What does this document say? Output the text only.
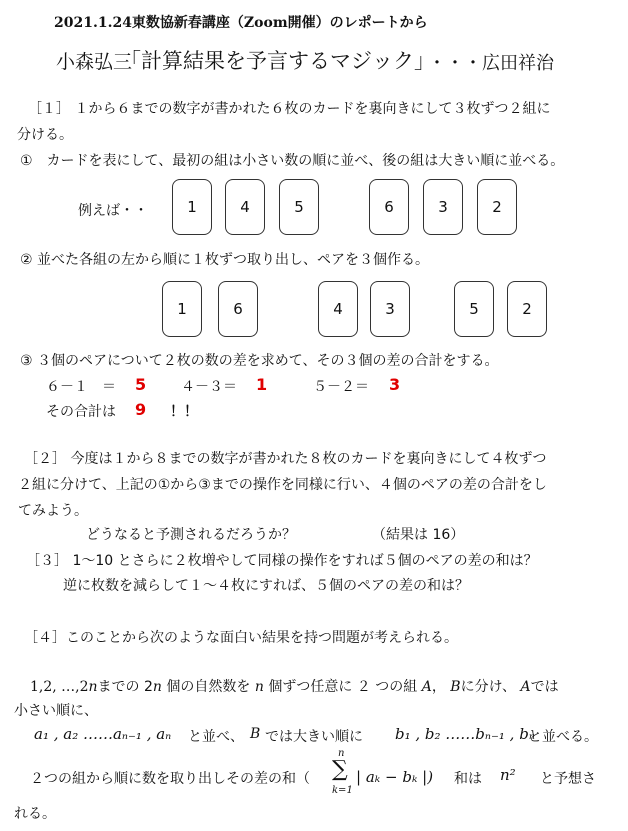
2021.1.24東数協新春講座（Zoom開催）のレポートから
小森弘三
「計算結果を予言するマジック」
・・・広田祥治
［１］ １から６までの数字が書かれた６枚のカードを裏向きにして３枚ずつ２組に
分ける。
①　カードを表にして、最初の組は小さい数の順に並べ、後の組は大きい順に並べる。
例えば・・	1	4	5	6	3	2
② 並べた各組の左から順に１枚ずつ取り出し、ペアを３個作る。
1	6	4	3	5	2
③ ３個のペアについて２枚の数の差を求めて、その３個の差の合計をする。
６－１　＝ 5 ４－３＝ 1	５－２＝ 3
その合計は 9 ！！
［２］ 今度は１から８までの数字が書かれた８枚のカードを裏向きにして４枚ずつ
２組に分けて、上記の①から③までの操作を同様に行い、４個のペアの差の合計をし
てみよう。
どうなると予測されるだろうか？	（結果は 16）
［３］ 1～10 とさらに２枚増やして同様の操作をすれば５個のペアの差の和は？
逆に枚数を減らして１～４枚にすれば、５個のペアの差の和は？
［４］このことから次のような面白い結果を持つ問題が考えられる。
1,2, …,2nまでの 2n 個の自然数を n 個ずつ任意に ２ つの組 A， Bに分け、 Aでは
小さい順に、
a₁ , a₂ ……aₙ₋₁ , aₙ と並べ、 B では大きい順に b₁ , b₂ ……bₙ₋₁ , bₙ
と並べる。
２つの組から順に数を取り出しその差の和（
n
∑
k=1
| aₖ − bₖ |) 和は n² と予想さ
れる。
